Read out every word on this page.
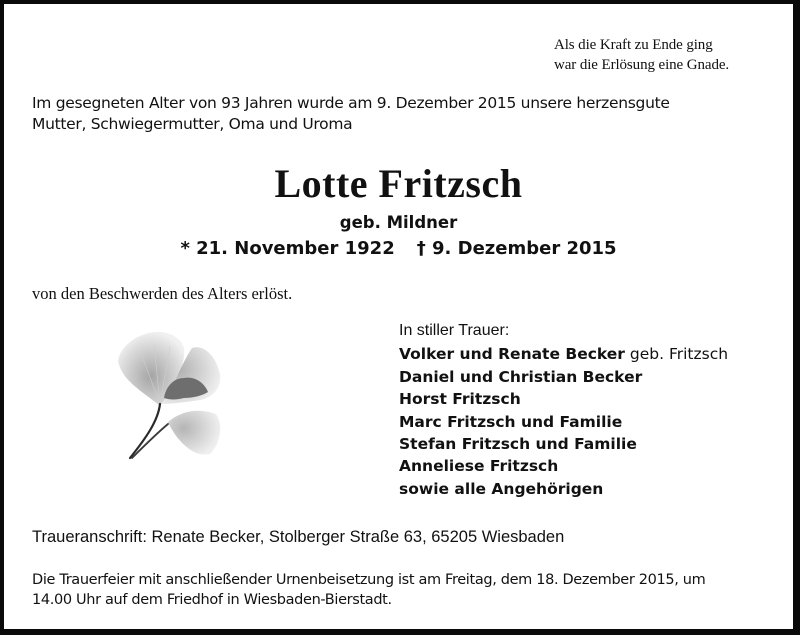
Als die Kraft zu Ende ging
war die Erlösung eine Gnade.
Im gesegneten Alter von 93 Jahren wurde am 9. Dezember 2015 unsere herzensgute
Mutter, Schwiegermutter, Oma und Uroma
Lotte Fritzsch
geb. Mildner
* 21. November 1922 † 9. Dezember 2015
von den Beschwerden des Alters erlöst.
In stiller Trauer:
Volker und Renate Becker geb. Fritzsch
Daniel und Christian Becker
Horst Fritzsch
Marc Fritzsch und Familie
Stefan Fritzsch und Familie
Anneliese Fritzsch
sowie alle Angehörigen
Traueranschrift: Renate Becker, Stolberger Straße 63, 65205 Wiesbaden
Die Trauerfeier mit anschließender Urnenbeisetzung ist am Freitag, dem 18. Dezember 2015, um
14.00 Uhr auf dem Friedhof in Wiesbaden-Bierstadt.
